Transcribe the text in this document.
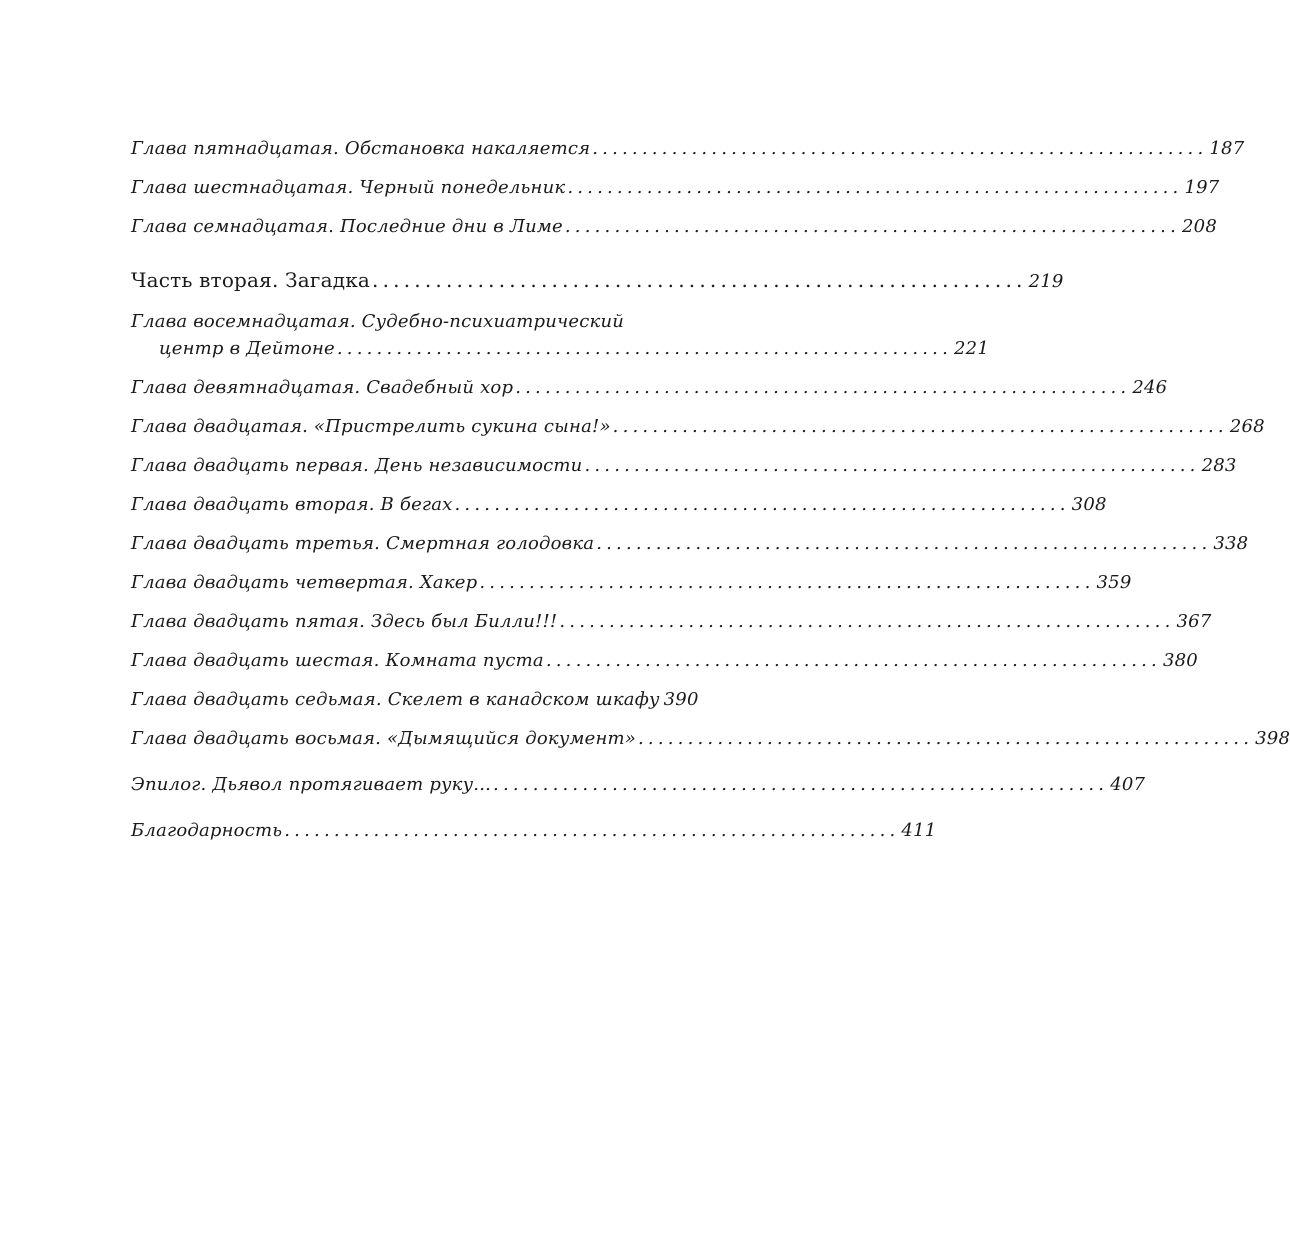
Глава пятнадцатая. Обстановка накаляется .............................................................. 187
Глава шестнадцатая. Черный понедельник .............................................................. 197
Глава семнадцатая. Последние дни в Лиме .............................................................. 208
Часть вторая. Загадка .............................................................. 219
Глава восемнадцатая. Судебно-психиатрический
центр в Дейтоне .............................................................. 221
Глава девятнадцатая. Свадебный хор .............................................................. 246
Глава двадцатая. «Пристрелить сукина сына!» .............................................................. 268
Глава двадцать первая. День независимости .............................................................. 283
Глава двадцать вторая. В бегах .............................................................. 308
Глава двадцать третья. Смертная голодовка .............................................................. 338
Глава двадцать четвертая. Хакер .............................................................. 359
Глава двадцать пятая. Здесь был Билли!!! .............................................................. 367
Глава двадцать шестая. Комната пуста .............................................................. 380
Глава двадцать седьмая. Скелет в канадском шкафу 390
Глава двадцать восьмая. «Дымящийся документ» .............................................................. 398
Эпилог. Дьявол протягивает руку... .............................................................. 407
Благодарность .............................................................. 411
